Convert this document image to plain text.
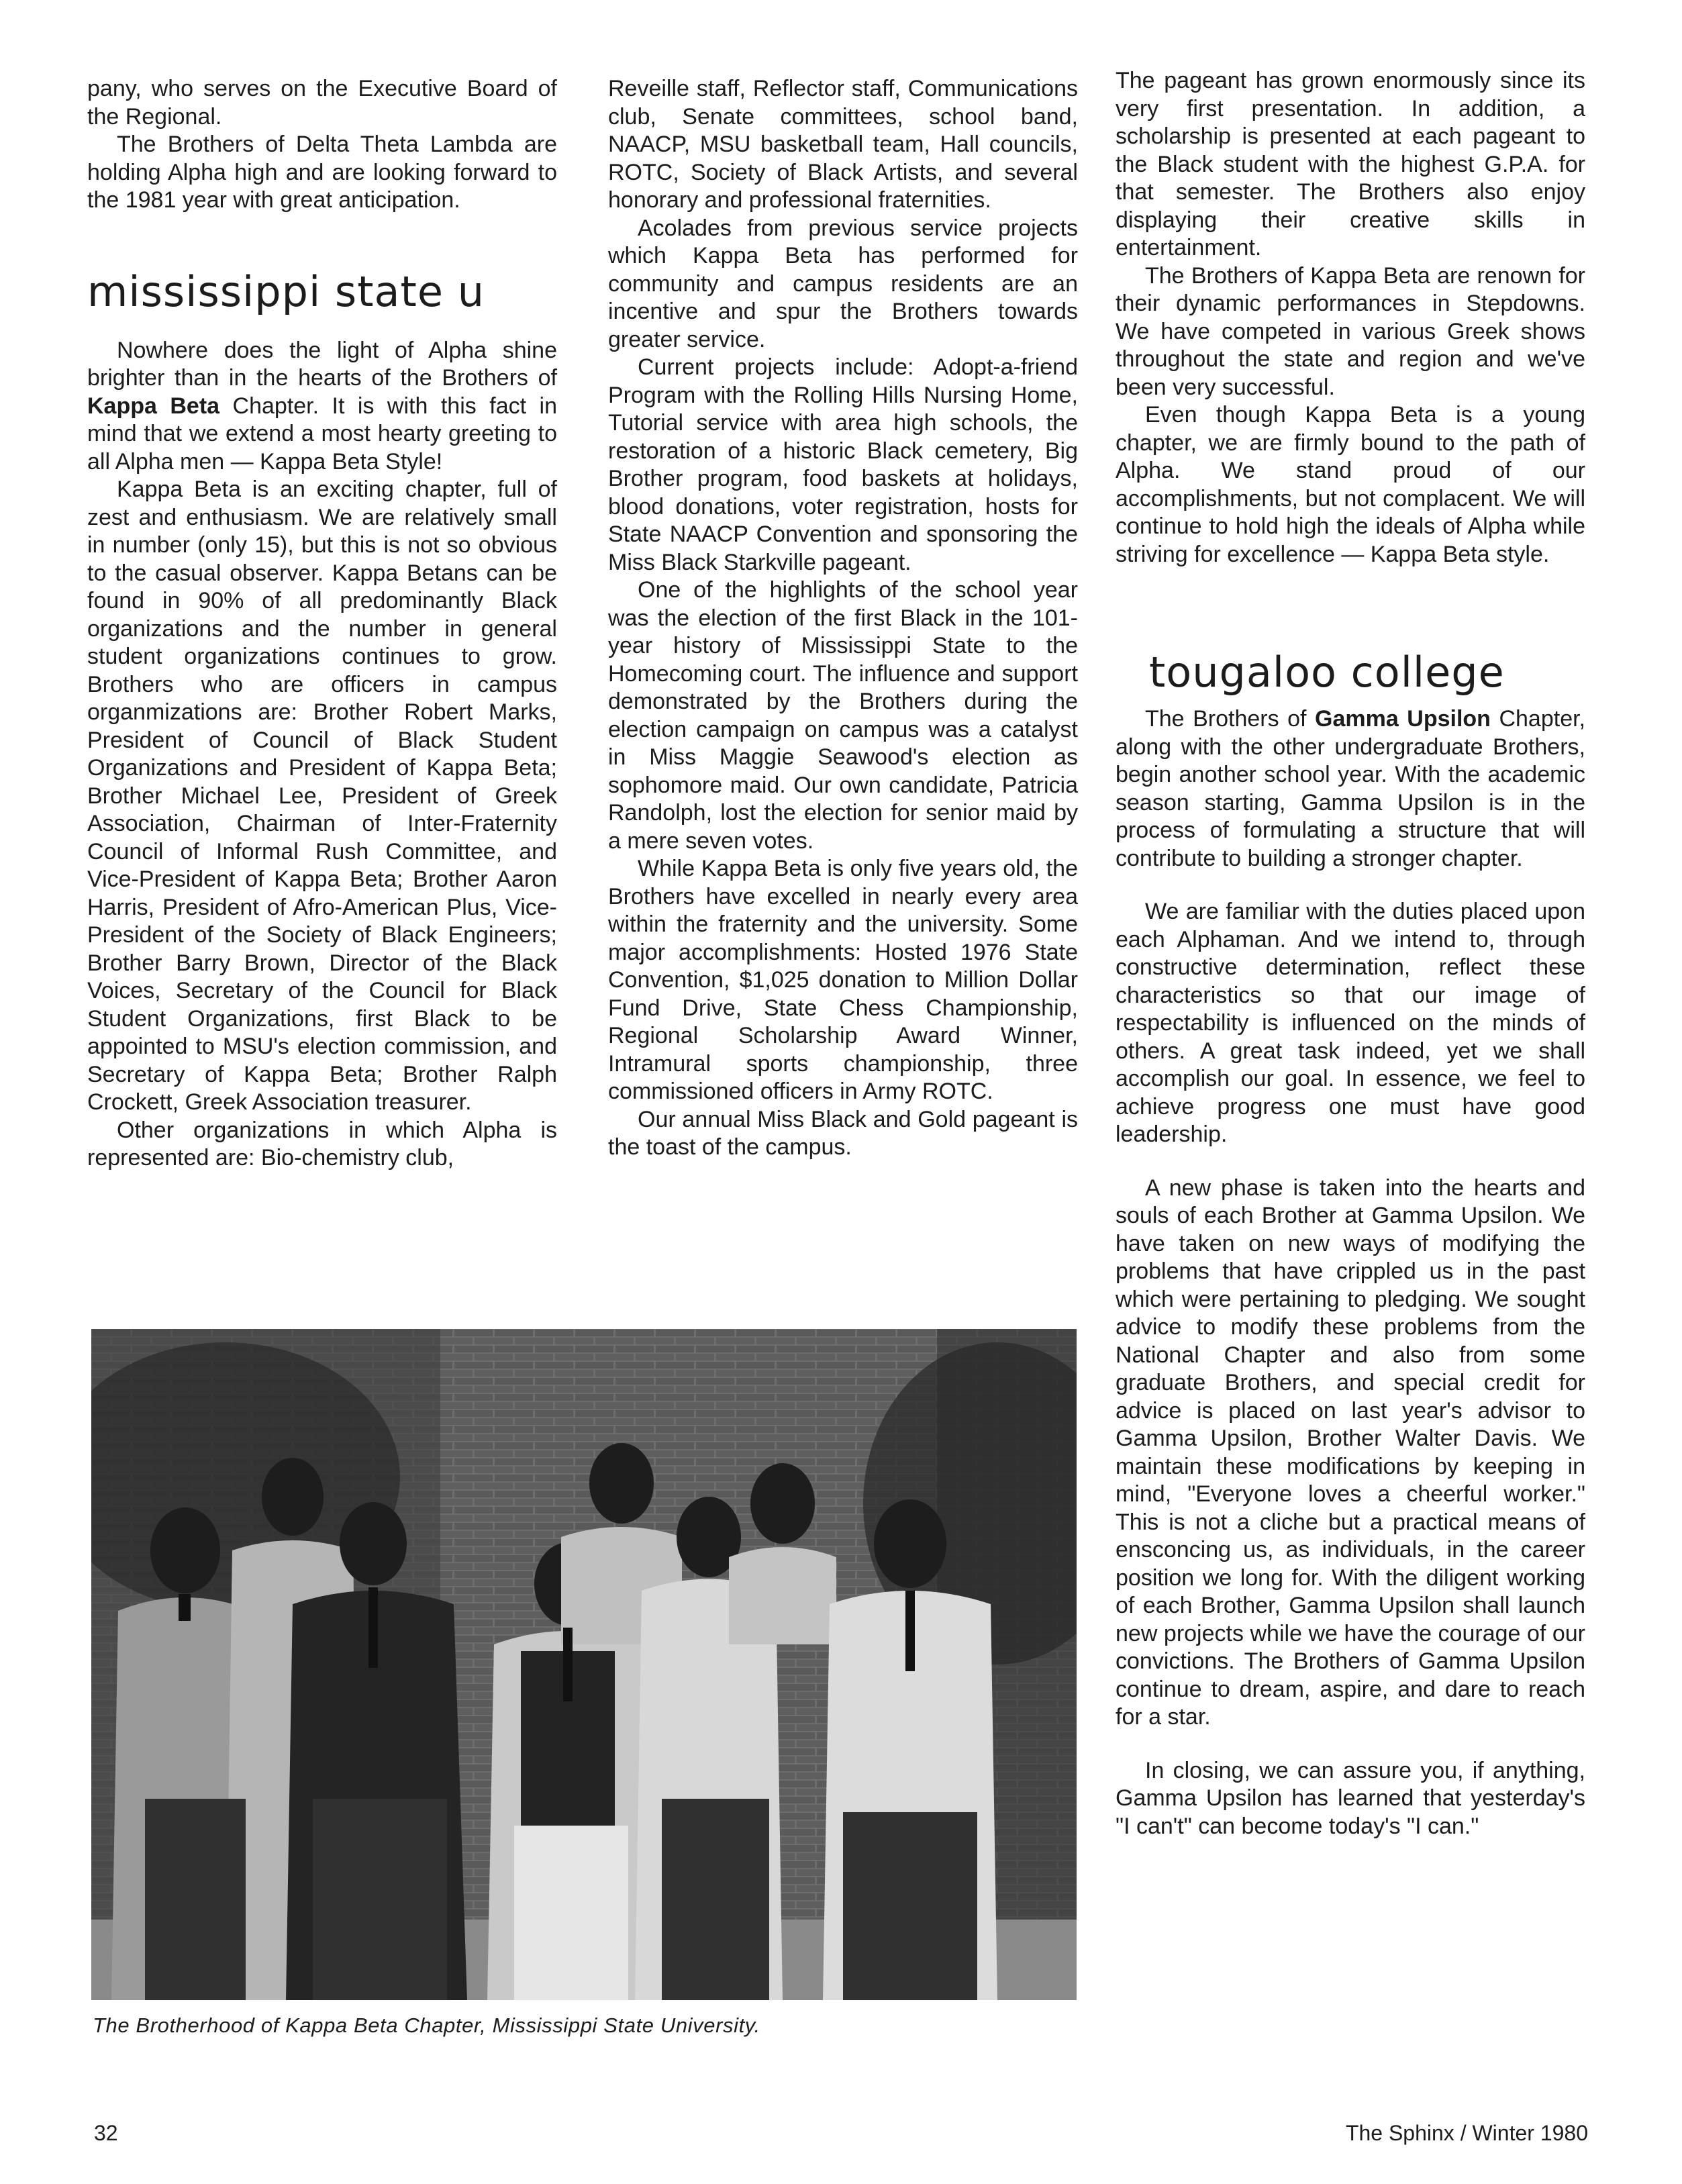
pany, who serves on the Executive Board of the Regional.

The Brothers of Delta Theta Lambda are holding Alpha high and are looking forward to the 1981 year with great anticipation.

mississippi state u

Nowhere does the light of Alpha shine brighter than in the hearts of the Brothers of Kappa Beta Chapter. It is with this fact in mind that we extend a most hearty greeting to all Alpha men — Kappa Beta Style!

Kappa Beta is an exciting chapter, full of zest and enthusiasm. We are relatively small in number (only 15), but this is not so obvious to the casual observer. Kappa Betans can be found in 90% of all predominantly Black organizations and the number in general student organizations continues to grow. Brothers who are officers in campus organmizations are: Brother Robert Marks, President of Council of Black Student Organizations and President of Kappa Beta; Brother Michael Lee, President of Greek Association, Chairman of Inter-Fraternity Council of Informal Rush Committee, and Vice-President of Kappa Beta; Brother Aaron Harris, President of Afro-American Plus, Vice-President of the Society of Black Engineers; Brother Barry Brown, Director of the Black Voices, Secretary of the Council for Black Student Organizations, first Black to be appointed to MSU's election commission, and Secretary of Kappa Beta; Brother Ralph Crockett, Greek Association treasurer.

Other organizations in which Alpha is represented are: Bio-chemistry club,

Reveille staff, Reflector staff, Communications club, Senate committees, school band, NAACP, MSU basketball team, Hall councils, ROTC, Society of Black Artists, and several honorary and professional fraternities.

Acolades from previous service projects which Kappa Beta has performed for community and campus residents are an incentive and spur the Brothers towards greater service.

Current projects include: Adopt-a-friend Program with the Rolling Hills Nursing Home, Tutorial service with area high schools, the restoration of a historic Black cemetery, Big Brother program, food baskets at holidays, blood donations, voter registration, hosts for State NAACP Convention and sponsoring the Miss Black Starkville pageant.

One of the highlights of the school year was the election of the first Black in the 101-year history of Mississippi State to the Homecoming court. The influence and support demonstrated by the Brothers during the election campaign on campus was a catalyst in Miss Maggie Seawood's election as sophomore maid. Our own candidate, Patricia Randolph, lost the election for senior maid by a mere seven votes.

While Kappa Beta is only five years old, the Brothers have excelled in nearly every area within the fraternity and the university. Some major accomplishments: Hosted 1976 State Convention, $1,025 donation to Million Dollar Fund Drive, State Chess Championship, Regional Scholarship Award Winner, Intramural sports championship, three commissioned officers in Army ROTC.

Our annual Miss Black and Gold pageant is the toast of the campus.

The pageant has grown enormously since its very first presentation. In addition, a scholarship is presented at each pageant to the Black student with the highest G.P.A. for that semester. The Brothers also enjoy displaying their creative skills in entertainment.

The Brothers of Kappa Beta are renown for their dynamic performances in Stepdowns. We have competed in various Greek shows throughout the state and region and we've been very successful.

Even though Kappa Beta is a young chapter, we are firmly bound to the path of Alpha. We stand proud of our accomplishments, but not complacent. We will continue to hold high the ideals of Alpha while striving for excellence — Kappa Beta style.

tougaloo college

The Brothers of Gamma Upsilon Chapter, along with the other undergraduate Brothers, begin another school year. With the academic season starting, Gamma Upsilon is in the process of formulating a structure that will contribute to building a stronger chapter.

We are familiar with the duties placed upon each Alphaman. And we intend to, through constructive determination, reflect these characteristics so that our image of respectability is influenced on the minds of others. A great task indeed, yet we shall accomplish our goal. In essence, we feel to achieve progress one must have good leadership.

A new phase is taken into the hearts and souls of each Brother at Gamma Upsilon. We have taken on new ways of modifying the problems that have crippled us in the past which were pertaining to pledging. We sought advice to modify these problems from the National Chapter and also from some graduate Brothers, and special credit for advice is placed on last year's advisor to Gamma Upsilon, Brother Walter Davis. We maintain these modifications by keeping in mind, "Everyone loves a cheerful worker." This is not a cliche but a practical means of ensconcing us, as individuals, in the career position we long for. With the diligent working of each Brother, Gamma Upsilon shall launch new projects while we have the courage of our convictions. The Brothers of Gamma Upsilon continue to dream, aspire, and dare to reach for a star.

In closing, we can assure you, if anything, Gamma Upsilon has learned that yesterday's "I can't" can become today's "I can."

The Brotherhood of Kappa Beta Chapter, Mississippi State University.
32	The Sphinx / Winter 1980
